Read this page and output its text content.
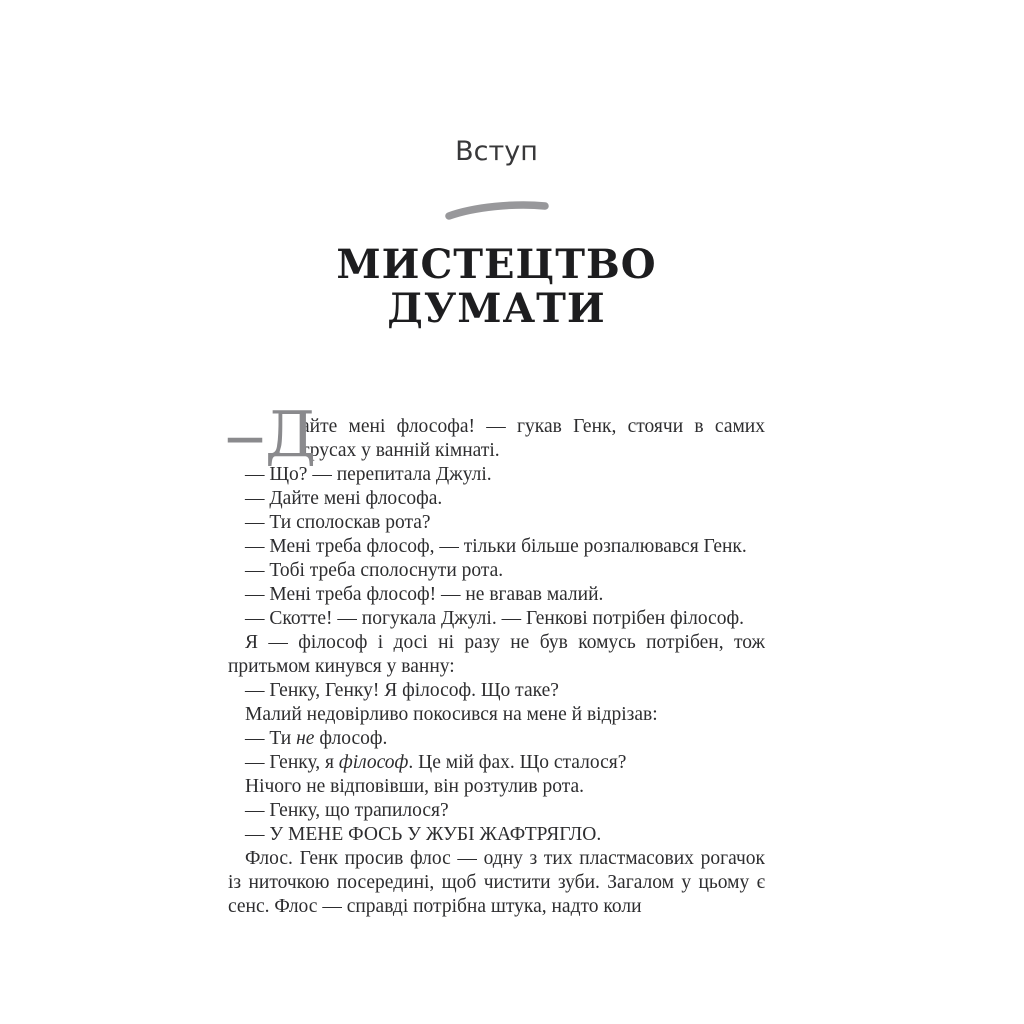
Вступ
МИСТЕЦТВО ДУМАТИ

— Д
айте мені флософа! — гукав Генк, стоячи в самих трусах у ванній кімнаті.

— Що? — перепитала Джулі.

— Дайте мені флософа.

— Ти сполоскав рота?

— Мені треба флософ, — тільки більше розпалювався Генк.

— Тобі треба сполоснути рота.

— Мені треба флософ! — не вгавав малий.

— Скотте! — погукала Джулі. — Генкові потрібен філософ.

Я — філософ і досі ні разу не був комусь потрібен, тож притьмом кинувся у ванну:

— Генку, Генку! Я філософ. Що таке?

Малий недовірливо покосився на мене й відрізав:

— Ти не флософ.

— Генку, я філософ. Це мій фах. Що сталося?

Нічого не відповівши, він розтулив рота.

— Генку, що трапилося?

— У МЕНЕ ФОСЬ У ЖУБІ ЖАФТРЯГЛО.

Флос. Генк просив флос — одну з тих пластмасових рогачок із ниточкою посередині, щоб чистити зуби. Загалом у цьому є сенс. Флос — справді потрібна штука, надто коли
